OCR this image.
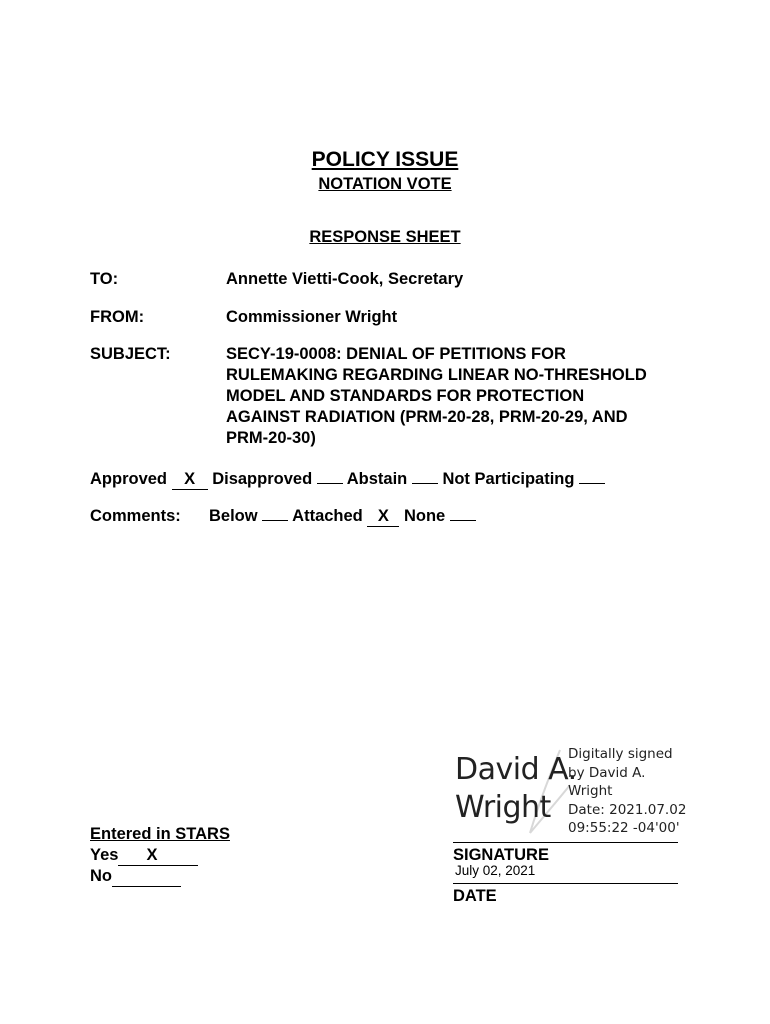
POLICY ISSUE
NOTATION VOTE
RESPONSE SHEET
TO:	Annette Vietti-Cook, Secretary
FROM:	Commissioner Wright
SUBJECT:	SECY-19-0008: DENIAL OF PETITIONS FOR
RULEMAKING REGARDING LINEAR NO-THRESHOLD
MODEL AND STANDARDS FOR PROTECTION
AGAINST RADIATION (PRM-20-28, PRM-20-29, AND
PRM-20-30)
Approved X Disapproved Abstain Not Participating
Comments: Below Attached X None
David A.
Wright
Digitally signed
by David A.
Wright
Date: 2021.07.02
09:55:22 -04'00'
SIGNATURE
July 02, 2021
DATE
Entered in STARS
Yes X
No
